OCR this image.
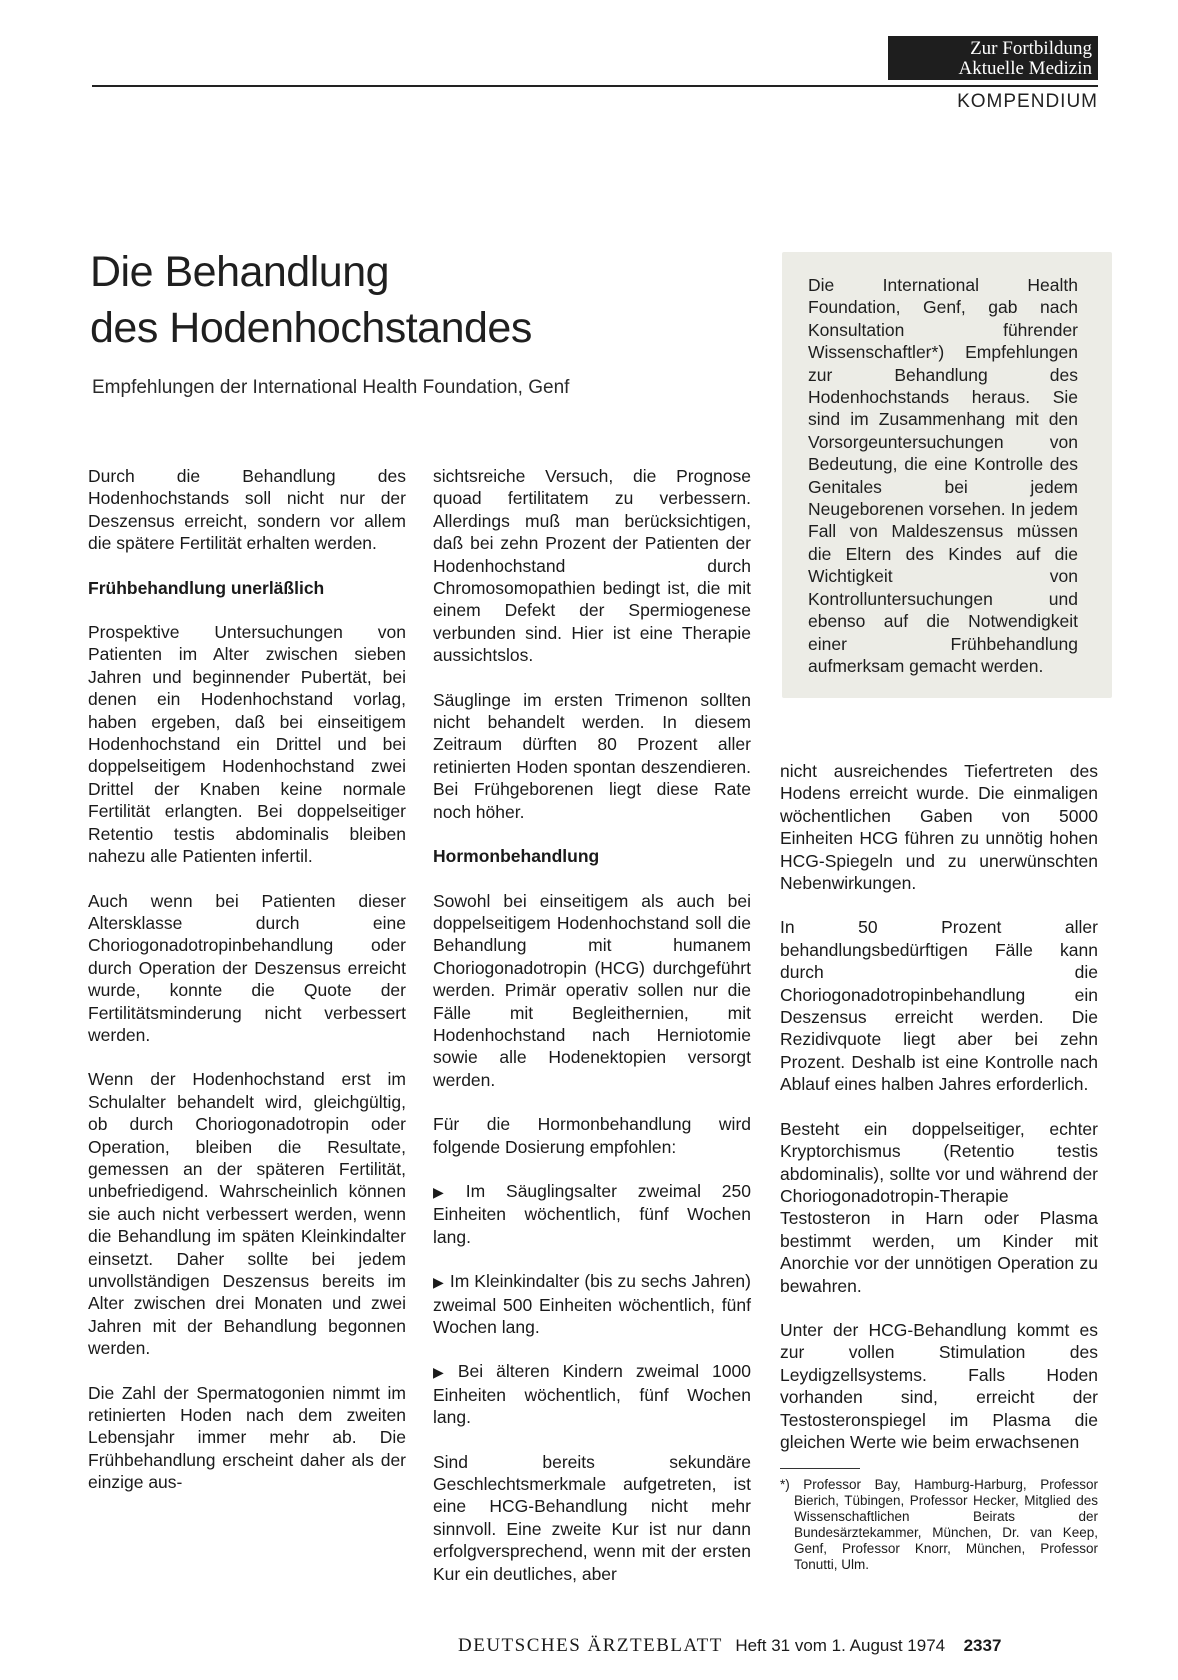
Zur Fortbildung
Aktuelle Medizin
KOMPENDIUM
Die Behandlung
des Hodenhochstandes
Empfehlungen der International Health Foundation, Genf
Die International Health Foundation, Genf, gab nach Konsultation führender Wissenschaftler*) Empfehlungen zur Behandlung des Hodenhochstands heraus. Sie sind im Zusammenhang mit den Vorsorgeuntersuchungen von Bedeutung, die eine Kontrolle des Genitales bei jedem Neugeborenen vorsehen. In jedem Fall von Maldeszensus müssen die Eltern des Kindes auf die Wichtigkeit von Kontrolluntersuchungen und ebenso auf die Notwendigkeit einer Frühbehandlung aufmerksam gemacht werden.

Durch die Behandlung des Hodenhochstands soll nicht nur der Deszensus erreicht, sondern vor allem die spätere Fertilität erhalten werden.

Frühbehandlung unerläßlich

Prospektive Untersuchungen von Patienten im Alter zwischen sieben Jahren und beginnender Pubertät, bei denen ein Hodenhochstand vorlag, haben ergeben, daß bei einseitigem Hodenhochstand ein Drittel und bei doppelseitigem Hodenhochstand zwei Drittel der Knaben keine normale Fertilität erlangten. Bei doppelseitiger Retentio testis abdominalis bleiben nahezu alle Patienten infertil.

Auch wenn bei Patienten dieser Altersklasse durch eine Choriogonadotropinbehandlung oder durch Operation der Deszensus erreicht wurde, konnte die Quote der Fertilitätsminderung nicht verbessert werden.

Wenn der Hodenhochstand erst im Schulalter behandelt wird, gleichgültig, ob durch Choriogonadotropin oder Operation, bleiben die Resultate, gemessen an der späteren Fertilität, unbefriedigend. Wahrscheinlich können sie auch nicht verbessert werden, wenn die Behandlung im späten Kleinkindalter einsetzt. Daher sollte bei jedem unvollständigen Deszensus bereits im Alter zwischen drei Monaten und zwei Jahren mit der Behandlung begonnen werden.

Die Zahl der Spermatogonien nimmt im retinierten Hoden nach dem zweiten Lebensjahr immer mehr ab. Die Frühbehandlung erscheint daher als der einzige aus-

sichtsreiche Versuch, die Prognose quoad fertilitatem zu verbessern. Allerdings muß man berücksichtigen, daß bei zehn Prozent der Patienten der Hodenhochstand durch Chromosomopathien bedingt ist, die mit einem Defekt der Spermiogenese verbunden sind. Hier ist eine Therapie aussichtslos.

Säuglinge im ersten Trimenon sollten nicht behandelt werden. In diesem Zeitraum dürften 80 Prozent aller retinierten Hoden spontan deszendieren. Bei Frühgeborenen liegt diese Rate noch höher.

Hormonbehandlung

Sowohl bei einseitigem als auch bei doppelseitigem Hodenhochstand soll die Behandlung mit humanem Choriogonadotropin (HCG) durchgeführt werden. Primär operativ sollen nur die Fälle mit Begleithernien, mit Hodenhochstand nach Herniotomie sowie alle Hodenektopien versorgt werden.

Für die Hormonbehandlung wird folgende Dosierung empfohlen:

▶ Im Säuglingsalter zweimal 250 Einheiten wöchentlich, fünf Wochen lang.

▶ Im Kleinkindalter (bis zu sechs Jahren) zweimal 500 Einheiten wöchentlich, fünf Wochen lang.

▶ Bei älteren Kindern zweimal 1000 Einheiten wöchentlich, fünf Wochen lang.

Sind bereits sekundäre Geschlechtsmerkmale aufgetreten, ist eine HCG-Behandlung nicht mehr sinnvoll. Eine zweite Kur ist nur dann erfolgversprechend, wenn mit der ersten Kur ein deutliches, aber

nicht ausreichendes Tiefertreten des Hodens erreicht wurde. Die einmaligen wöchentlichen Gaben von 5000 Einheiten HCG führen zu unnötig hohen HCG-Spiegeln und zu unerwünschten Nebenwirkungen.

In 50 Prozent aller behandlungsbedürftigen Fälle kann durch die Choriogonadotropinbehandlung ein Deszensus erreicht werden. Die Rezidivquote liegt aber bei zehn Prozent. Deshalb ist eine Kontrolle nach Ablauf eines halben Jahres erforderlich.

Besteht ein doppelseitiger, echter Kryptorchismus (Retentio testis abdominalis), sollte vor und während der Choriogonadotropin-Therapie Testosteron in Harn oder Plasma bestimmt werden, um Kinder mit Anorchie vor der unnötigen Operation zu bewahren.

Unter der HCG-Behandlung kommt es zur vollen Stimulation des Leydigzellsystems. Falls Hoden vorhanden sind, erreicht der Testosteronspiegel im Plasma die gleichen Werte wie beim erwachsenen

*) Professor Bay, Hamburg-Harburg, Professor Bierich, Tübingen, Professor Hecker, Mitglied des Wissenschaftlichen Beirats der Bundesärztekammer, München, Dr. van Keep, Genf, Professor Knorr, München, Professor Tonutti, Ulm.
DEUTSCHES ÄRZTEBLATT Heft 31 vom 1. August 1974 2337
